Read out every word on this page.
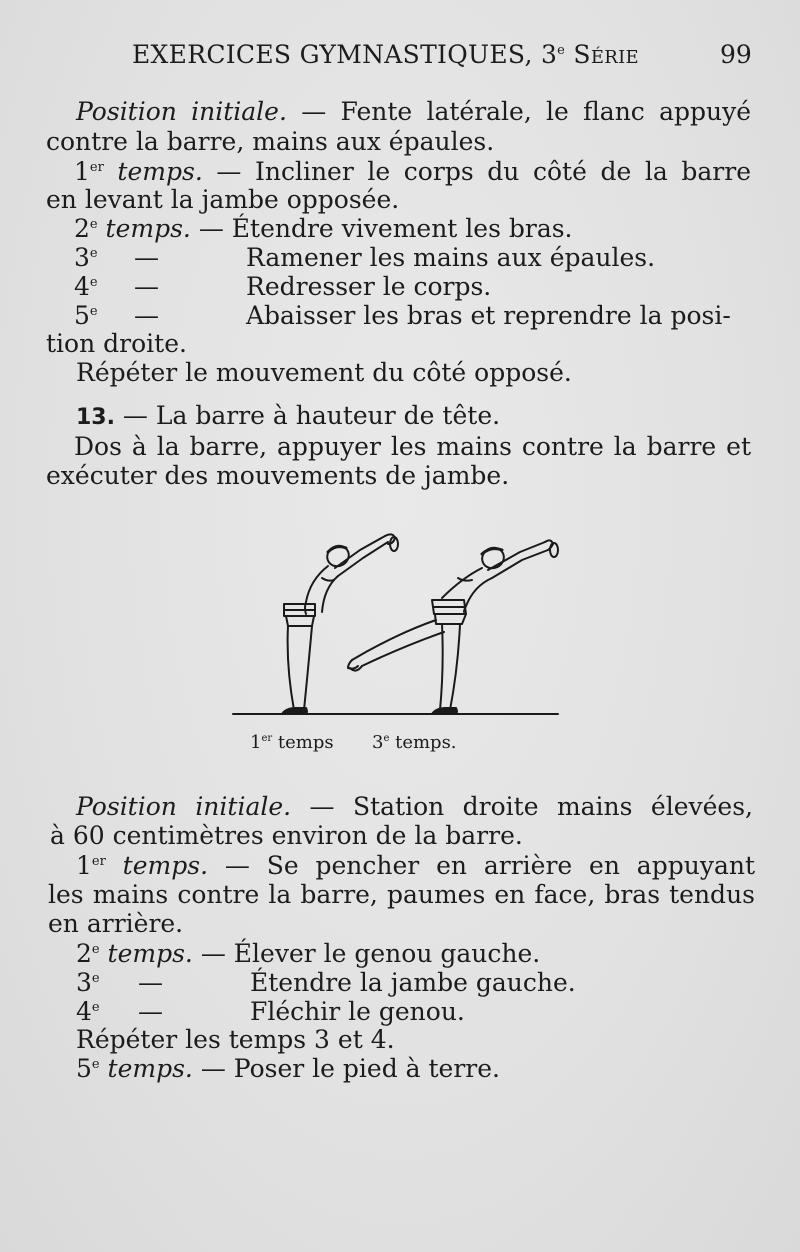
EXERCICES GYMNASTIQUES, 3e Série	99
Position initiale. — Fente latérale, le flanc appuyé
contre la barre, mains aux épaules.
1er temps. — Incliner le corps du côté de la barre
en levant la jambe opposée.
2e temps. — Étendre vivement les bras.
3e —	Ramener les mains aux épaules.
4e —	Redresser le corps.
5e —	Abaisser les bras et reprendre la posi-
tion droite.
Répéter le mouvement du côté opposé.
13. — La barre à hauteur de tête.
Dos à la barre, appuyer les mains contre la barre et
exécuter des mouvements de jambe.
1er temps 3e temps.
Position initiale. — Station droite mains élevées,
à 60 centimètres environ de la barre.
1er temps. — Se pencher en arrière en appuyant
les mains contre la barre, paumes en face, bras tendus
en arrière.
2e temps. — Élever le genou gauche.
3e —	Étendre la jambe gauche.
4e —	Fléchir le genou.
Répéter les temps 3 et 4.
5e temps. — Poser le pied à terre.
